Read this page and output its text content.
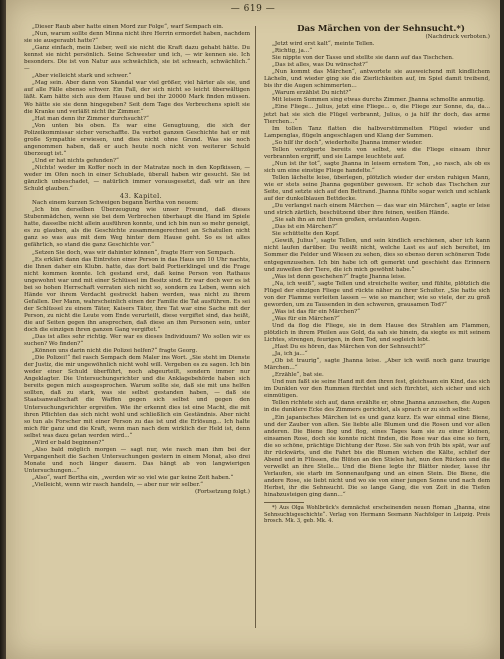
— 619 —

„Dieser Raub aber hatte einen Mord zur Folge“, warf Sempach ein.

„Nun, warum sollte denn Minna nicht ihre Herrin ermordet haben, nachdem sie sie ausgeraubt hatte?“

„Ganz einfach, mein Lieber, weil sie nicht die Kraft dazu gehabt hätte. Du kennst sie nicht persönlich. Seine Schwester und ich, — wir kennen sie. Ich besonders. Die ist von Natur aus schwächlich, sie ist schwach, schwächlich.“ —

„Aber vielleicht stark und schwer.“

„Mag sein. Aber dann von Skandal war viel größer, viel härter als sie, und auf alle Fälle ebenso schwer. Ein Fall, der sich nicht so leicht überwältigen läßt. Kam hätte sich aus dem Hause und bei ihr 20000 Mark finden müssen. Wo hätte sie sie denn hingegeben? Seit dem Tage des Verbrechens spielt sie die Kranke und verläßt nicht ihr Zimmer.“

„Hat man denn ihr Zimmer durchsucht?“

„Von unten bis oben. Es war eine Genugtuung, die sich der Polizeikommissar sicher verschaffte. Da verbot ganzen Geschichte hat er mit große Sympathie erwiesen, und dies nicht ohne Grund. Was sie noch angenommen haben, daß er auch heute noch nicht von weiterer Schuld überzeugt ist.“

„Und er hat nichts gefunden?“

„Nichts! weder im Koffer noch in der Matratze noch in den Kopfkissen, — weder im Ofen noch in einer Schublade, überall haben wir gesucht. Sie ist gänzlich unbeschadet, — natürlich immer vorausgesetzt, daß wir an ihre Schuld glauben.“

43. Kapitel.

Nach einem kurzen Schweigen begann Bertha von neuem:

„Ich bin derselben Überzeugung wie unser Freund, daß dieses Stubenmädchen, wenn sie bei dem Verbrechen überhaupt die Hand im Spiele hatte, dasselbe nicht allein ausführen konnte, und ich bin nun so mehr geneigt, es zu glauben, als die Geschichte zusammengerechnet an Schatullen nicht ganz so was aus mit dem Weg hinter dem Hause geht. So es ist alles gefährlich, so stand die ganz Geschichte vor.“

„Setzen Sie doch, was wir dahinter können“, fragte Herr von Sempach.

„Es erklärt dann das Eintreten einer Person in das Haus um 10 Uhr nachts, die Ihnen daher ein Klubn. hatte, das dort bald Portierklingel und die Frage nicht kommen konnte. Ich gestand erst, daß keine Person von Rathaus ungewohnt war und mit einer Schlüssel im Besitz sind. Er war doch wer es ist bei so hohen Herrschaft verraten sich nicht so, sondern zu Leben, wenn sich Hände vor ihrem Verdacht gestreckt haben werden, was nicht zu ihrem Gefallen. Der Mann, wahrscheinlich einen der Familie die Tat ausführen. Es sei der Schlüssel zu einem Täter, Kaisers Täter, ihre Tat war eine Sache mit der Person, zu nicht die Leute vom Ende verurteilt, diese vergiftet sind, das heißt, die auf Seiten gegen ihn ansprechen, daß diese an ihm Personen sein, unter doch die einzigen ihren ganzen Gang vergiftet.“

„Das ist alles sehr richtig. Wer war es dieses Individuum? Wo sollen wir es suchen? Wo finden?“

„Können uns darin nicht die Polizei helfen?“ fragte Georg.

„Die Polizei!“ fiel rasch Sempach dem Maler ins Wort. „Sie steht im Dienste der Justiz, die mir ungewöhnlich nicht wohl will. Vergeben es zu sagen. Ich bin weder einer Schuld überführt, noch abgeurteilt, sondern immer nur Angeklagter. Die Untersuchungsrichter und die Anklagebehörde haben sich bereits gegen mich ausgesprochen. Warum sollte sie, daß sie mit uns helfen sollten, daß zu stark, was sie selbst gestanden haben, — daß sie Staatsanwaltschaft die Waffen gegen sich selbst und gegen den Untersuchungsrichter ergreifen. Wie ihr erkennt dies ist eine Macht, die mit ihren Pflichten das sich nicht wohl und schließlich ein Geständnis. Aber nicht so tun als Forscher mit einer Person zu das ist und die Erlösung... Ich halte mich für ganz und die Kraft, wenn man nach dem wirklich der Held ist, denn selbst was dazu getan werden wird...“

„Wird er bald beginnen?“

„Also bald möglich morgen — sagt nur, wie rasch man ihm bei der Vergangenheit die Sachen Untersuchungen gestern in einem Monat, also drei Monate und noch länger dauern. Das hängt ab von langwierigen Untersuchungen...“

„Also“, warf Bertha ein, „werden wir so viel wie gar keine Zeit haben.“

„Vielleicht, wenn wir rasch handeln, — aber nur wir selber.“

(Fortsetzung folgt.)

Das Märchen von der Sehnsucht.*)

(Nachdruck verboten.)

„Jetzt wird erst kalt“, meinte Tellen.

„Richtig, ja...“

Sie nippte von der Tasse und stellte sie dann auf das Tischchen.

„Das ist alles, was Du wünschst?“

„Nun kommt das Märchen“, antwortete sie ausweichend mit kindlichem Lächeln, und wieder ging sie die Zierlichkeiten auf, im Spiel damit treibend, bis ihr die Augen schimmerten...

„Warum erzählst Du nicht?“

Mit leisem Summen sing etwas durchs Zimmer. Jhanna schmollte anmutig.

„Eine Fliege... Julius, jetzt eine Fliege... o, die Fliege zur Sonne, da, da... jetzt hat sie sich die Flügel verbrannt, Julius, o ja hilf ihr doch, das arme Tierchen...“

Im tollen Tanz flatten die halbverstümmelten Flügel wieder und Lampenglas, flügeln angeschlagen und Klang der Summen.

„So hilf ihr doch“, wiederholte Jhanna immer wieder.

Tellen verzögerte bereits von selbst, wie die Fliege einsam ihrer verbrannten ergriff, und sie Lampe leuchtete auf.

„Nun ist ihr tot“, sagte Jhanna in leisem ernstem Ton, „so rasch, als ob es sich um eine einstige Fliege handelte.“

Tellen lächelte leise, überlegen, plötzlich wieder der ersten ruhigen Mann, wie er stets seine Jhanna gegenüber gewesen. Er schob das Tischchen zur Seite, und setzte sich auf den Bettrand. Jhanna fühlte sogar weich und schlank auf der dunkelblauen Bettdecke.

„Du verlangst nach einem Märchen — das war ein Märchen“, sagte er leise und strich zärtlich, beschützend über ihre feinen, weißen Hände.

„Sie sah ihn an mit ihren großen, erstaunten Augen.

„Das ist ein Märchen?“

Sie schüttelte den Kopf.

„Gewiß, Julius“, sagte Tellen, und sein kindlich erschienen, aber ich kann nicht laufen darüber. Du weißt nicht, welche Last es auf sich bereitet, im Sommer die Felder und Wiesen zu sehen, dies so ebenso deren schöneren Tode entgegenzusehen. Ich bin habe ich oft gemerkt und geschieht das Erinnern und zuweilen der Tiere, die ich mich gewöhnt habe.“

„Was ist denn geschehen?“ fragte Jhanna leise.

„Na, ich weiß“, sagte Tellen und streichelte weiter, und fühlte, plötzlich die Flügel der einzigen Fliege und rückte näher zu ihrer Schulter. „Sie hatte sich von der Flamme verleiten lassen — wie so mancher, wie so viele, der zu groß geworden, um zu Tausenden in den schweren, grausamen Tod?“

„Was ist das für ein Märchen?“

„Was für ein Märchen?“

Und da flog die Fliege, sie in dem Hause des Strahlen am Flammen, plötzlich in ihrem Pfeilen aus Gold, da sah sie hinein, da siegte es mit seinem Lichtes, strengen, feurigen, in dem Tod, und sogleich lebt.

„Hast Du es hören, das Märchen von der Sehnsucht?“

„Ja, ich ja...“

„Ob ist traurig“, sagte Jhanna leise. „Aber ich weiß noch ganz traurige Märchen...“

„Erzähle“, bat sie.

Und nun faßt sie seine Hand mit den ihren fest, gleichsam ein Kind, das sich im Dunklen vor den Rummen fürchtet und sich fürchtet, sich sicher und sich einmütigen.

Tellen richtete sich auf, dann erzählte er, ohne Jhanna anzusehen, die Augen in die dunklere Ecke des Zimmers gerichtet, als sprach er zu sich selbst:

„Ein japanisches Märchen ist es und ganz kurz. Es war einmal eine Biene, und der Zauber von allen. Sie liebte alle Blumen und die Rosen und vor allen anderen. Die Biene flog und flog, eines Tages kam sie zu einer kleinen, einsamen Rose, doch sie konnte nicht finden, die Rose war das eine so fern, die so schöne, prächtige Dichtung der Rose. Sie sah von früh bis spät, war auf ihr rückwärts, und die Fahrt bis die Blumen wichen die Kälte, schlief der Abend und in Flüssen, die Blüten an den Stielen hat, nun den Rücken und die verwelkt an ihre Stelle... Und die Biene legte ihr Blätter nieder, lasse ihr Verlaufen, sie starb im Sonnenaufgang und an einen Stein. Die Biene, die andere Rose, sie liebt nicht und wo sie von einer jungen Sonne und nach dem Herbst, ihr die Sehnsucht. Die so lange Gang, die von Zeit in die Tiefen hinabzusteigen ging dann...“

*) Aus Olga Wohlbrück's demnächst erscheinenden neuen Roman „Jhanna, eine Sehnsuchtsgeschichte“. Verlag von Hermann Seemann Nachfolger in Leipzig. Preis brosch. Mk. 3, geb. Mk. 4.
